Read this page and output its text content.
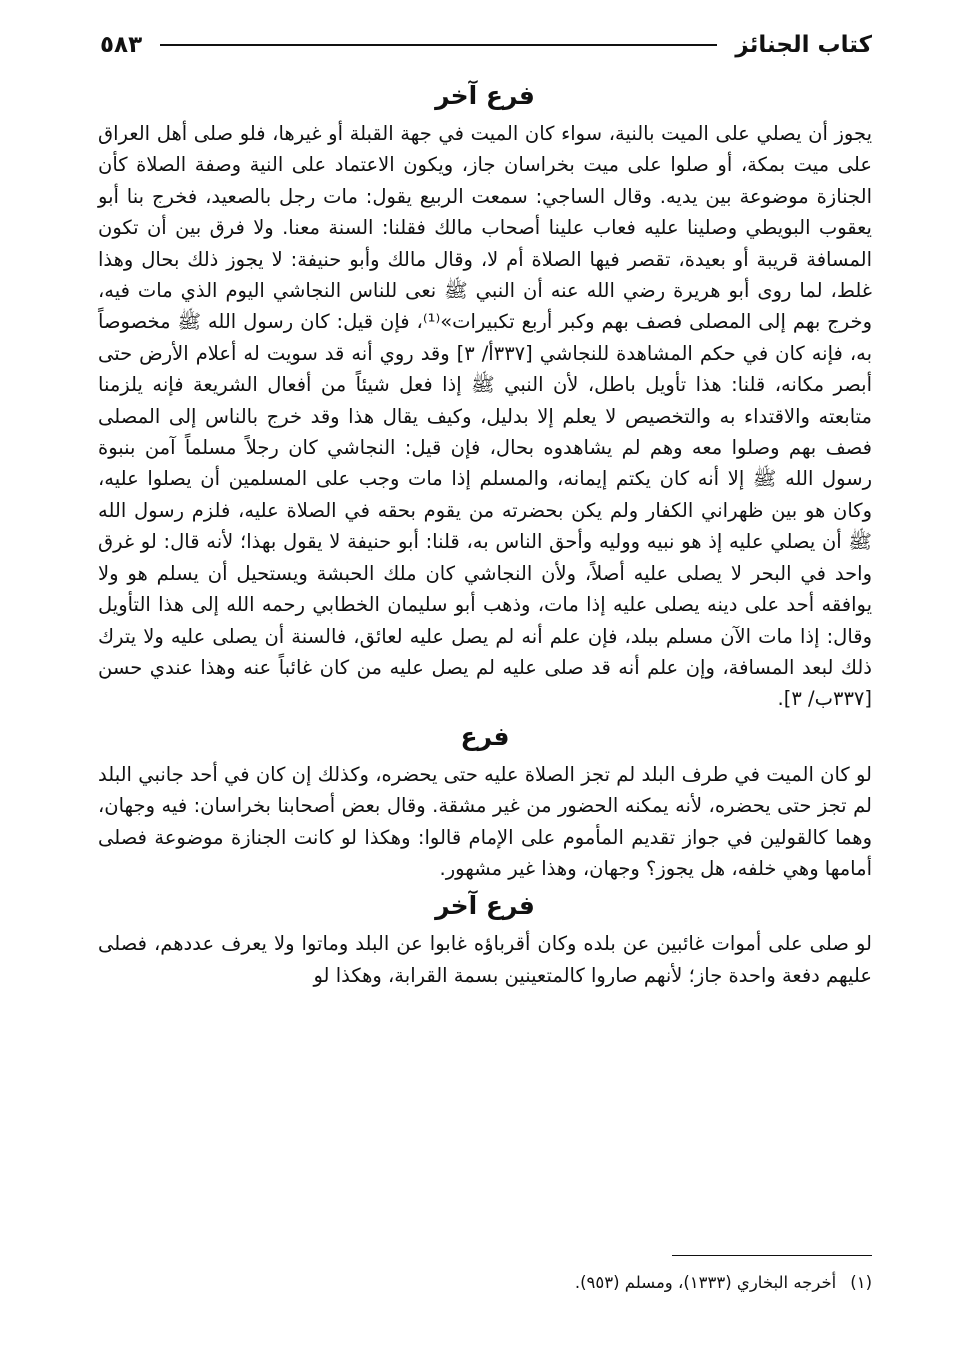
كتاب الجنائز
٥٨٣
فرع آخر

يجوز أن يصلي على الميت بالنية، سواء كان الميت في جهة القبلة أو غيرها، فلو صلى أهل العراق على ميت بمكة، أو صلوا على ميت بخراسان جاز، ويكون الاعتماد على النية وصفة الصلاة كأن الجنازة موضوعة بين يديه. وقال الساجي: سمعت الربيع يقول: مات رجل بالصعيد، فخرج بنا أبو يعقوب البويطي وصلينا عليه فعاب علينا أصحاب مالك فقلنا: السنة معنا. ولا فرق بين أن تكون المسافة قريبة أو بعيدة، تقصر فيها الصلاة أم لا، وقال مالك وأبو حنيفة: لا يجوز ذلك بحال وهذا غلط، لما روى أبو هريرة رضي الله عنه أن النبي ﷺ نعى للناس النجاشي اليوم الذي مات فيه، وخرج بهم إلى المصلى فصف بهم وكبر أربع تكبيرات»⁽¹⁾، فإن قيل: كان رسول الله ﷺ مخصوصاً به، فإنه كان في حكم المشاهدة للنجاشي [٣٣٧أ/ ٣] وقد روي أنه قد سويت له أعلام الأرض حتى أبصر مكانه، قلنا: هذا تأويل باطل، لأن النبي ﷺ إذا فعل شيئاً من أفعال الشريعة فإنه يلزمنا متابعته والاقتداء به والتخصيص لا يعلم إلا بدليل، وكيف يقال هذا وقد خرج بالناس إلى المصلى فصف بهم وصلوا معه وهم لم يشاهدوه بحال، فإن قيل: النجاشي كان رجلاً مسلماً آمن بنبوة رسول الله ﷺ إلا أنه كان يكتم إيمانه، والمسلم إذا مات وجب على المسلمين أن يصلوا عليه، وكان هو بين ظهراني الكفار ولم يكن بحضرته من يقوم بحقه في الصلاة عليه، فلزم رسول الله ﷺ أن يصلي عليه إذ هو نبيه ووليه وأحق الناس به، قلنا: أبو حنيفة لا يقول بهذا؛ لأنه قال: لو غرق واحد في البحر لا يصلى عليه أصلاً، ولأن النجاشي كان ملك الحبشة ويستحيل أن يسلم هو ولا يوافقه أحد على دينه يصلى عليه إذا مات، وذهب أبو سليمان الخطابي رحمه الله إلى هذا التأويل وقال: إذا مات الآن مسلم ببلد، فإن علم أنه لم يصل عليه لعائق، فالسنة أن يصلى عليه ولا يترك ذلك لبعد المسافة، وإن علم أنه قد صلى عليه لم يصل عليه من كان غائباً عنه وهذا عندي حسن [٣٣٧ب/ ٣].

فرع

لو كان الميت في طرف البلد لم تجز الصلاة عليه حتى يحضره، وكذلك إن كان في أحد جانبي البلد لم تجز حتى يحضره، لأنه يمكنه الحضور من غير مشقة. وقال بعض أصحابنا بخراسان: فيه وجهان، وهما كالقولين في جواز تقديم المأموم على الإمام قالوا: وهكذا لو كانت الجنازة موضوعة فصلى أمامها وهي خلفه، هل يجوز؟ وجهان، وهذا غير مشهور.

فرع آخر

لو صلى على أموات غائبين عن بلده وكان أقرباؤه غابوا عن البلد وماتوا ولا يعرف عددهم، فصلى عليهم دفعة واحدة جاز؛ لأنهم صاروا كالمتعينين بسمة القرابة، وهكذا لو

(١)أخرجه البخاري (١٣٣٣)، ومسلم (٩٥٣).
